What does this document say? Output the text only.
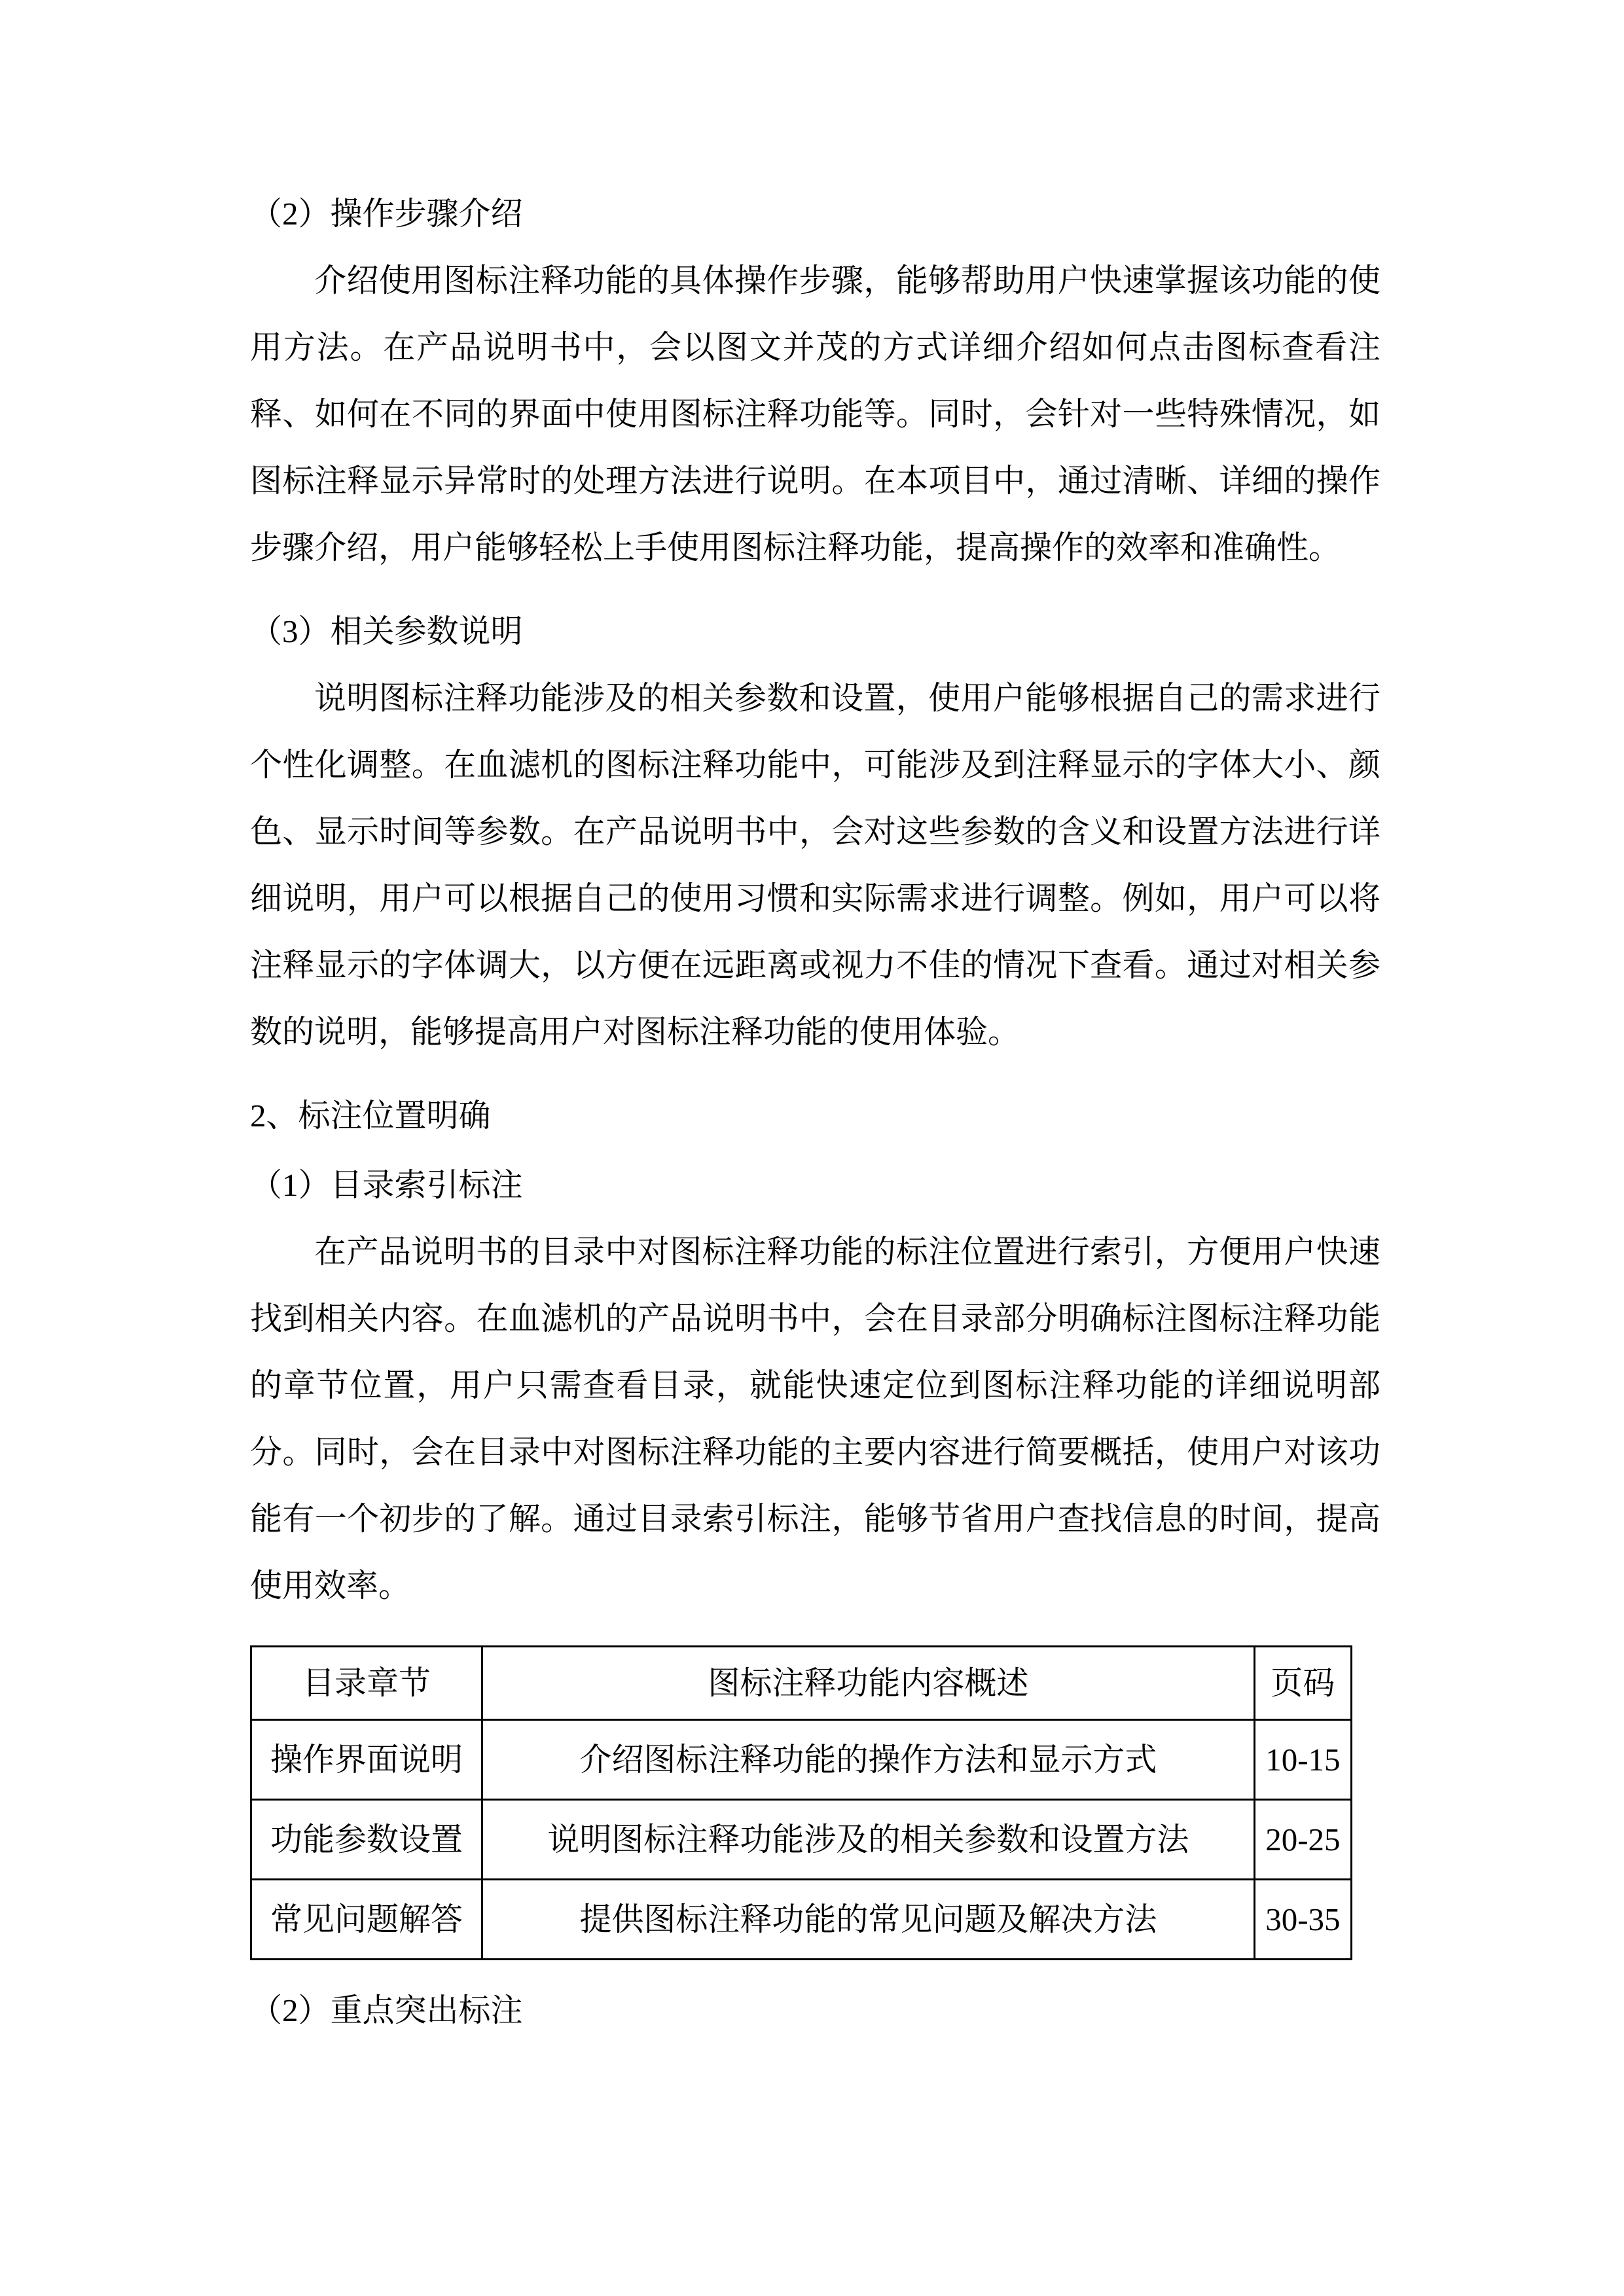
（2）操作步骤介绍

介绍使用图标注释功能的具体操作步骤，能够帮助用户快速掌握该功能的使用方法。在产品说明书中，会以图文并茂的方式详细介绍如何点击图标查看注释、如何在不同的界面中使用图标注释功能等。同时，会针对一些特殊情况，如图标注释显示异常时的处理方法进行说明。在本项目中，通过清晰、详细的操作步骤介绍，用户能够轻松上手使用图标注释功能，提高操作的效率和准确性。

（3）相关参数说明

说明图标注释功能涉及的相关参数和设置，使用户能够根据自己的需求进行个性化调整。在血滤机的图标注释功能中，可能涉及到注释显示的字体大小、颜色、显示时间等参数。在产品说明书中，会对这些参数的含义和设置方法进行详细说明，用户可以根据自己的使用习惯和实际需求进行调整。例如，用户可以将注释显示的字体调大，以方便在远距离或视力不佳的情况下查看。通过对相关参数的说明，能够提高用户对图标注释功能的使用体验。

2、标注位置明确
（1）目录索引标注

在产品说明书的目录中对图标注释功能的标注位置进行索引，方便用户快速找到相关内容。在血滤机的产品说明书中，会在目录部分明确标注图标注释功能的章节位置，用户只需查看目录，就能快速定位到图标注释功能的详细说明部分。同时，会在目录中对图标注释功能的主要内容进行简要概括，使用户对该功能有一个初步的了解。通过目录索引标注，能够节省用户查找信息的时间，提高使用效率。

目录章节	图标注释功能内容概述	页码
操作界面说明	介绍图标注释功能的操作方法和显示方式	10-15
功能参数设置	说明图标注释功能涉及的相关参数和设置方法	20-25
常见问题解答	提供图标注释功能的常见问题及解决方法	30-35
（2）重点突出标注
